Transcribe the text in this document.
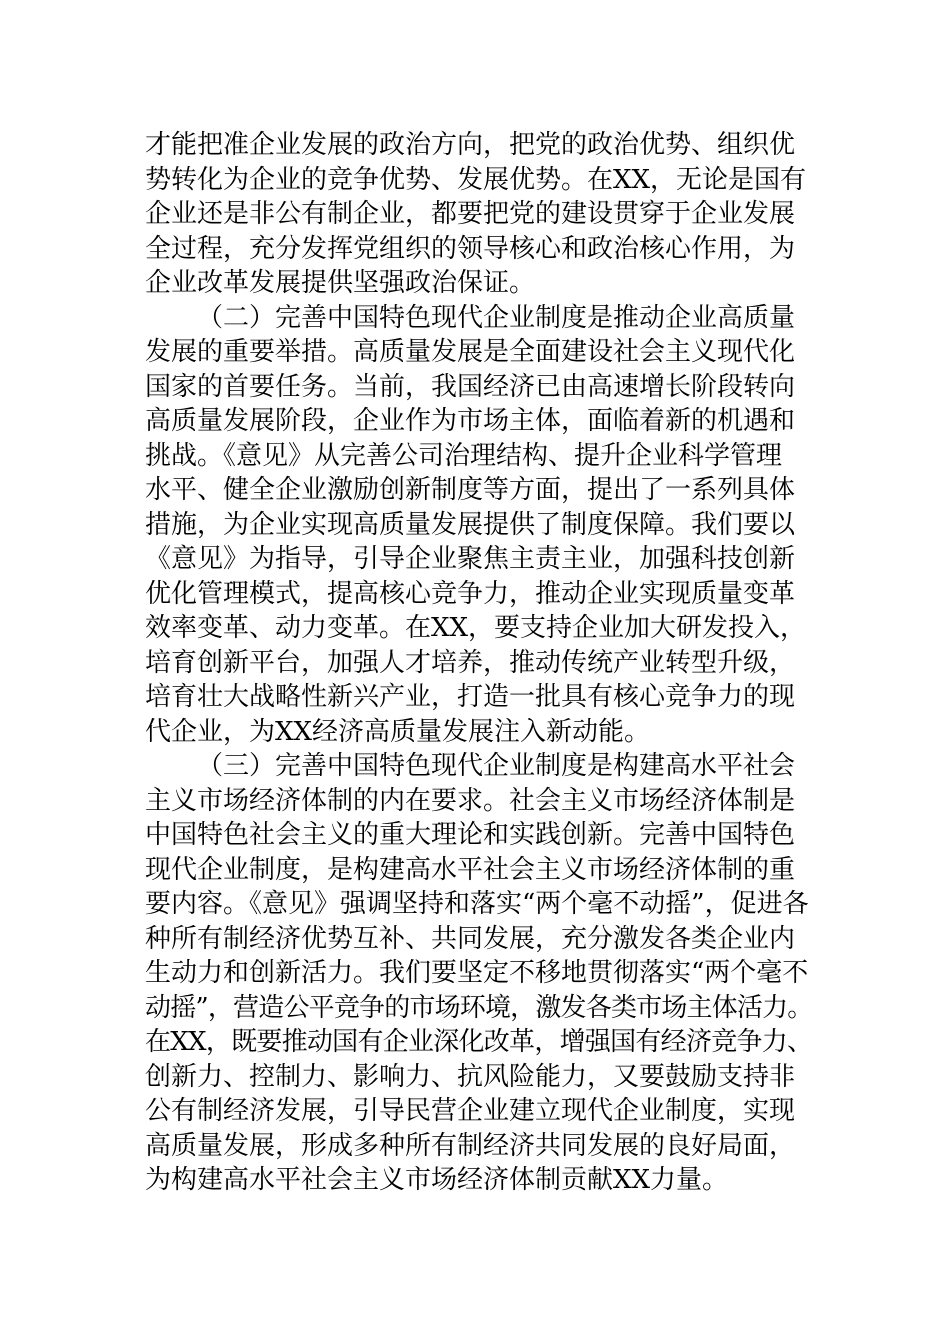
才能把准企业发展的政治方向，把党的政治优势、组织优
势转化为企业的竞争优势、发展优势。在XX，无论是国有
企业还是非公有制企业，都要把党的建设贯穿于企业发展
全过程，充分发挥党组织的领导核心和政治核心作用，为
企业改革发展提供坚强政治保证。
（二）完善中国特色现代企业制度是推动企业高质量
发展的重要举措。高质量发展是全面建设社会主义现代化
国家的首要任务。当前，我国经济已由高速增长阶段转向
高质量发展阶段，企业作为市场主体，面临着新的机遇和
挑战。《意见》从完善公司治理结构、提升企业科学管理
水平、健全企业激励创新制度等方面，提出了一系列具体
措施，为企业实现高质量发展提供了制度保障。我们要以
《意见》为指导，引导企业聚焦主责主业，加强科技创新
优化管理模式，提高核心竞争力，推动企业实现质量变革
效率变革、动力变革。在XX，要支持企业加大研发投入，
培育创新平台，加强人才培养，推动传统产业转型升级，
培育壮大战略性新兴产业，打造一批具有核心竞争力的现
代企业，为XX经济高质量发展注入新动能。
（三）完善中国特色现代企业制度是构建高水平社会
主义市场经济体制的内在要求。社会主义市场经济体制是
中国特色社会主义的重大理论和实践创新。完善中国特色
现代企业制度，是构建高水平社会主义市场经济体制的重
要内容。《意见》强调坚持和落实“两个毫不动摇”，促进各
种所有制经济优势互补、共同发展，充分激发各类企业内
生动力和创新活力。我们要坚定不移地贯彻落实“两个毫不
动摇”，营造公平竞争的市场环境，激发各类市场主体活力。
在XX，既要推动国有企业深化改革，增强国有经济竞争力、
创新力、控制力、影响力、抗风险能力，又要鼓励支持非
公有制经济发展，引导民营企业建立现代企业制度，实现
高质量发展，形成多种所有制经济共同发展的良好局面，
为构建高水平社会主义市场经济体制贡献XX力量。
